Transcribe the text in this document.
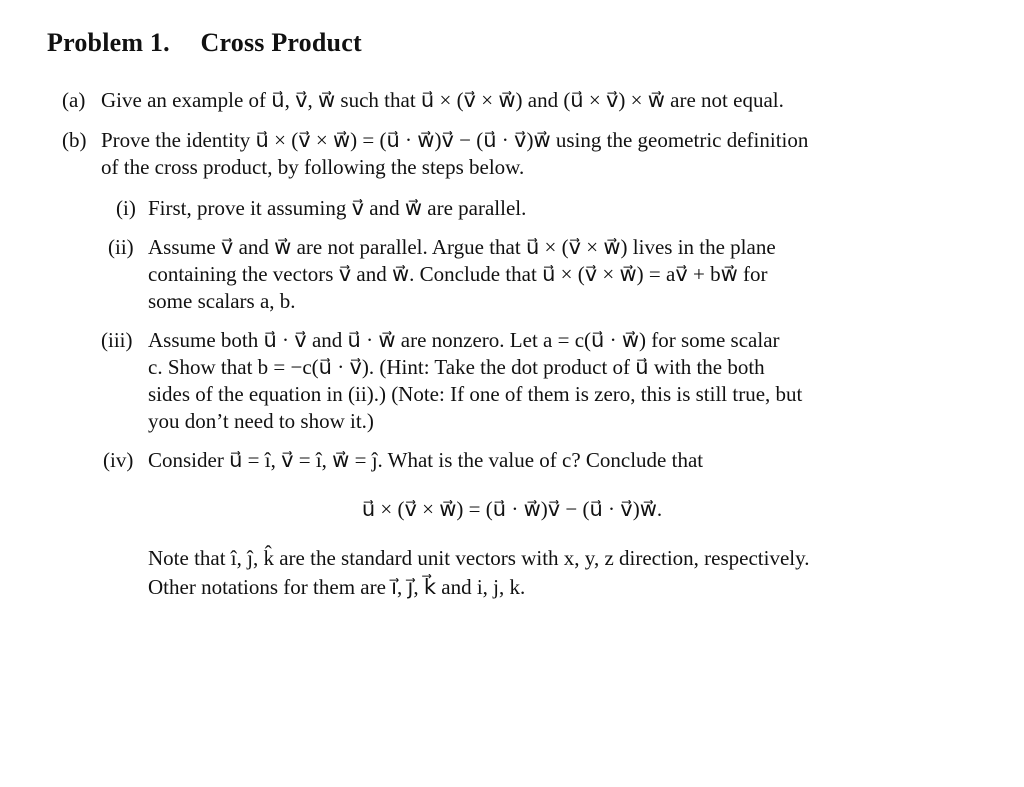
Problem 1. Cross Product
(a) Give an example of u⃗, v⃗, w⃗ such that u⃗ × (v⃗ × w⃗) and (u⃗ × v⃗) × w⃗ are not equal.
(b) Prove the identity u⃗ × (v⃗ × w⃗) = (u⃗ · w⃗)v⃗ − (u⃗ · v⃗)w⃗ using the geometric definition
of the cross product, by following the steps below.
(i) First, prove it assuming v⃗ and w⃗ are parallel.
(ii) Assume v⃗ and w⃗ are not parallel. Argue that u⃗ × (v⃗ × w⃗) lives in the plane
containing the vectors v⃗ and w⃗. Conclude that u⃗ × (v⃗ × w⃗) = av⃗ + bw⃗ for
some scalars a, b.
(iii) Assume both u⃗ · v⃗ and u⃗ · w⃗ are nonzero. Let a = c(u⃗ · w⃗) for some scalar
c. Show that b = −c(u⃗ · v⃗). (Hint: Take the dot product of u⃗ with the both
sides of the equation in (ii).) (Note: If one of them is zero, this is still true, but
you don’t need to show it.)
(iv) Consider u⃗ = î, v⃗ = î, w⃗ = ĵ. What is the value of c? Conclude that
u⃗ × (v⃗ × w⃗) = (u⃗ · w⃗)v⃗ − (u⃗ · v⃗)w⃗.
Note that î, ĵ, k̂ are the standard unit vectors with x, y, z direction, respectively.
Other notations for them are i⃗, j⃗, k⃗ and i, j, k.
